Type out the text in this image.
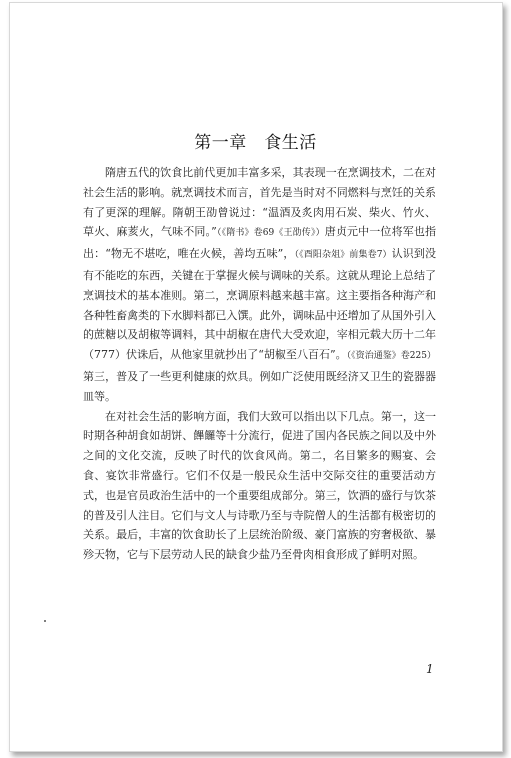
第一章　食生活

隋唐五代的饮食比前代更加丰富多采，其表现一在烹调技术，二在对社会生活的影响。就烹调技术而言，首先是当时对不同燃料与烹饪的关系有了更深的理解。隋朝王劭曾说过：“温酒及炙肉用石炭、柴火、竹火、草火、麻荄火，气味不同。”（《隋书》卷69《王劭传》）唐贞元中一位将军也指出：“物无不堪吃，唯在火候，善均五味”，（《酉阳杂俎》前集卷7）认识到没有不能吃的东西，关键在于掌握火候与调味的关系。这就从理论上总结了烹调技术的基本准则。第二，烹调原料越来越丰富。这主要指各种海产和各种牲畜禽类的下水脚料都已入馔。此外，调味品中还增加了从国外引入的蔗糖以及胡椒等调料，其中胡椒在唐代大受欢迎，宰相元载大历十二年（777）伏诛后，从他家里就抄出了“胡椒至八百石”。（《资治通鉴》卷225）第三，普及了一些更利健康的炊具。例如广泛使用既经济又卫生的瓷器器皿等。

在对社会生活的影响方面，我们大致可以指出以下几点。第一，这一时期各种胡食如胡饼、饆饠等十分流行，促进了国内各民族之间以及中外之间的文化交流，反映了时代的饮食风尚。第二，名目繁多的赐宴、会食、宴饮非常盛行。它们不仅是一般民众生活中交际交往的重要活动方式，也是官员政治生活中的一个重要组成部分。第三，饮酒的盛行与饮茶的普及引人注目。它们与文人与诗歌乃至与寺院僧人的生活都有极密切的关系。最后，丰富的饮食助长了上层统治阶级、豪门富族的穷奢极欲、暴殄天物，它与下层劳动人民的缺食少盐乃至骨肉相食形成了鲜明对照。

1
